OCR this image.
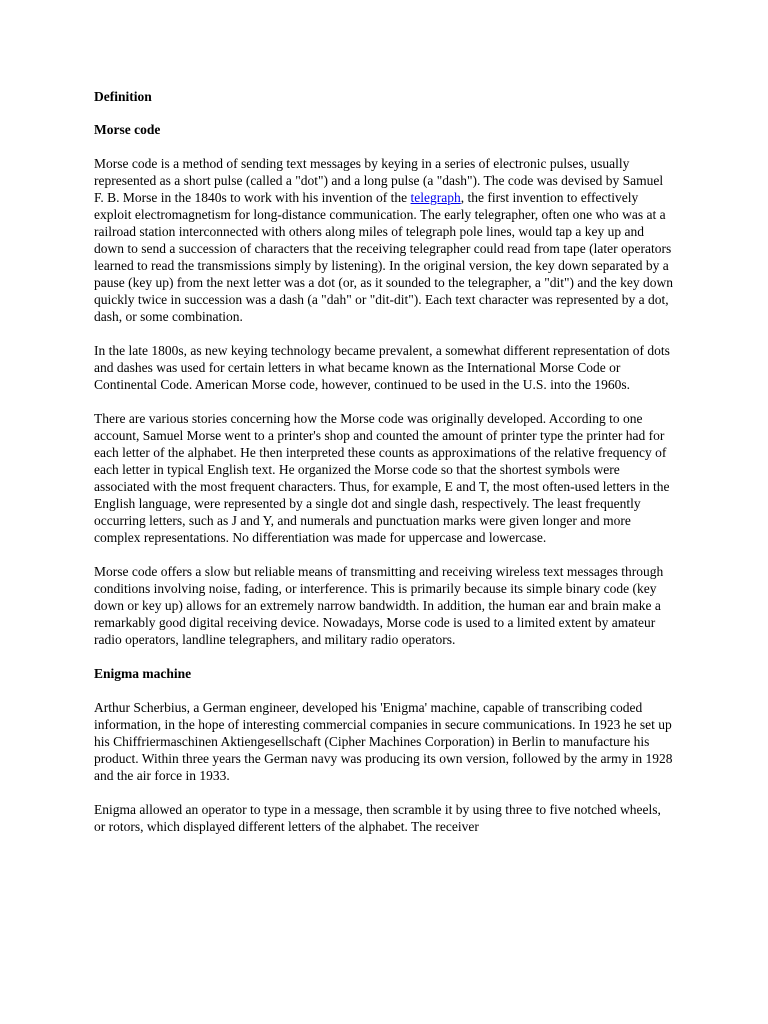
Definition
Morse code

Morse code is a method of sending text messages by keying in a series of electronic pulses, usually represented as a short pulse (called a "dot") and a long pulse (a "dash"). The code was devised by Samuel F. B. Morse in the 1840s to work with his invention of the telegraph, the first invention to effectively exploit electromagnetism for long-distance communication. The early telegrapher, often one who was at a railroad station interconnected with others along miles of telegraph pole lines, would tap a key up and down to send a succession of characters that the receiving telegrapher could read from tape (later operators learned to read the transmissions simply by listening). In the original version, the key down separated by a pause (key up) from the next letter was a dot (or, as it sounded to the telegrapher, a "dit") and the key down quickly twice in succession was a dash (a "dah" or "dit-dit"). Each text character was represented by a dot, dash, or some combination.

In the late 1800s, as new keying technology became prevalent, a somewhat different representation of dots and dashes was used for certain letters in what became known as the International Morse Code or Continental Code. American Morse code, however, continued to be used in the U.S. into the 1960s.

There are various stories concerning how the Morse code was originally developed. According to one account, Samuel Morse went to a printer's shop and counted the amount of printer type the printer had for each letter of the alphabet. He then interpreted these counts as approximations of the relative frequency of each letter in typical English text. He organized the Morse code so that the shortest symbols were associated with the most frequent characters. Thus, for example, E and T, the most often-used letters in the English language, were represented by a single dot and single dash, respectively. The least frequently occurring letters, such as J and Y, and numerals and punctuation marks were given longer and more complex representations. No differentiation was made for uppercase and lowercase.

Morse code offers a slow but reliable means of transmitting and receiving wireless text messages through conditions involving noise, fading, or interference. This is primarily because its simple binary code (key down or key up) allows for an extremely narrow bandwidth. In addition, the human ear and brain make a remarkably good digital receiving device. Nowadays, Morse code is used to a limited extent by amateur radio operators, landline telegraphers, and military radio operators.

Enigma machine

Arthur Scherbius, a German engineer, developed his 'Enigma' machine, capable of transcribing coded information, in the hope of interesting commercial companies in secure communications. In 1923 he set up his Chiffriermaschinen Aktiengesellschaft (Cipher Machines Corporation) in Berlin to manufacture his product. Within three years the German navy was producing its own version, followed by the army in 1928 and the air force in 1933.

Enigma allowed an operator to type in a message, then scramble it by using three to five notched wheels, or rotors, which displayed different letters of the alphabet. The receiver
